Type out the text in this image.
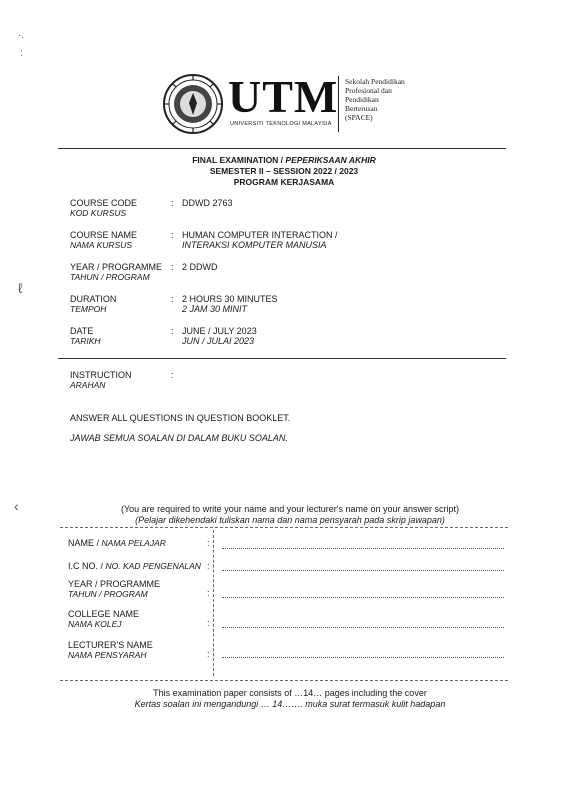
·.
:
ℓ
‹
UTM
UNIVERSITI TEKNOLOGI MALAYSIA
Sekolah Pendidikan
Profesional dan
Pendidikan
Berterusan
(SPACE)
FINAL EXAMINATION / PEPERIKSAAN AKHIR
SEMESTER II – SESSION 2022 / 2023
PROGRAM KERJASAMA
COURSE CODE
KOD KURSUS
: DDWD 2763
COURSE NAME
NAMA KURSUS
: HUMAN COMPUTER INTERACTION /
INTERAKSI KOMPUTER MANUSIA
YEAR / PROGRAMME
TAHUN / PROGRAM
: 2 DDWD
DURATION
TEMPOH
: 2 HOURS 30 MINUTES
2 JAM 30 MINIT
DATE
TARIKH
: JUNE / JULY 2023
JUN / JULAI 2023
INSTRUCTION
ARAHAN
:
ANSWER ALL QUESTIONS IN QUESTION BOOKLET.
JAWAB SEMUA SOALAN DI DALAM BUKU SOALAN.
(You are required to write your name and your lecturer's name on your answer script)
(Pelajar dikehendaki tuliskan nama dan nama pensyarah pada skrip jawapan)
NAME / NAMA PELAJAR	:
I.C NO. / NO. KAD PENGENALAN :
YEAR / PROGRAMME
TAHUN / PROGRAM	:
COLLEGE NAME
NAMA KOLEJ	:
LECTURER'S NAME
NAMA PENSYARAH	:
This examination paper consists of …14… pages including the cover
Kertas soalan ini mengandungi … 14……. muka surat termasuk kulit hadapan
